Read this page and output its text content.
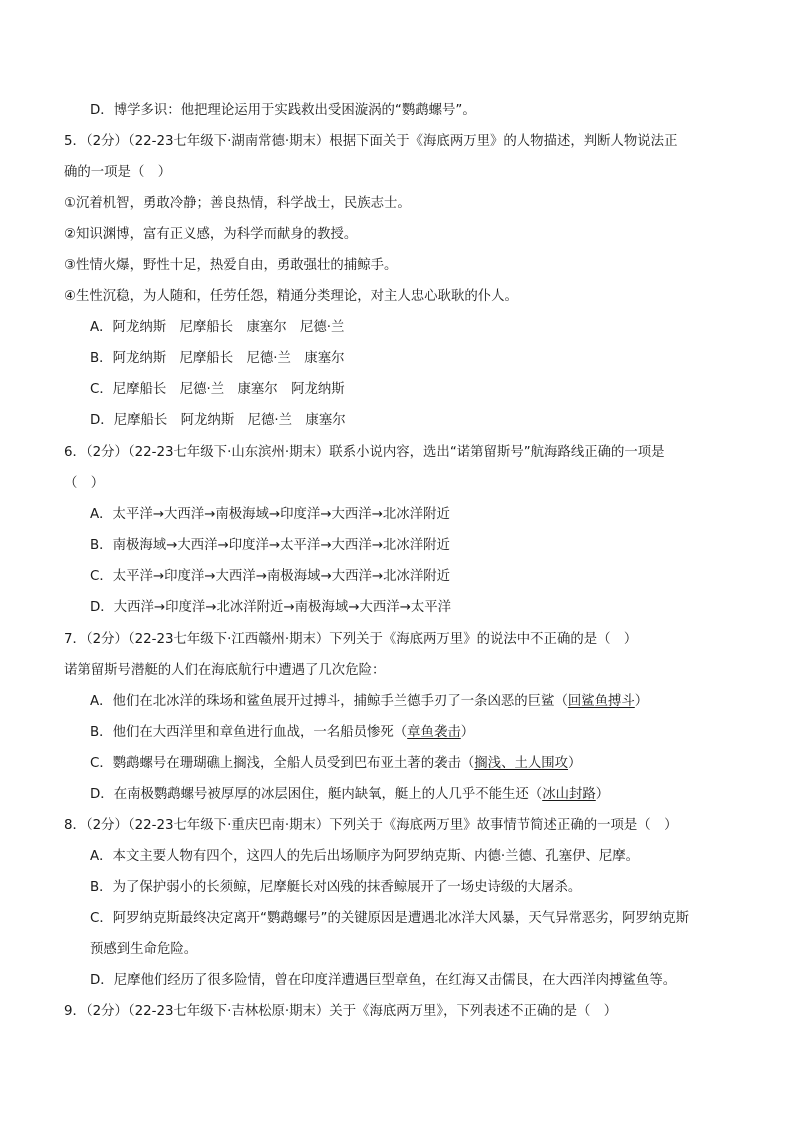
D．博学多识：他把理论运用于实践救出受困漩涡的“鹦鹉螺号”。
5．（2分）（22-23七年级下·湖南常德·期末）根据下面关于《海底两万里》的人物描述，判断人物说法正
确的一项是（　）
①沉着机智，勇敢冷静；善良热情，科学战士，民族志士。
②知识渊博，富有正义感，为科学而献身的教授。
③性情火爆，野性十足，热爱自由，勇敢强壮的捕鲸手。
④生性沉稳，为人随和，任劳任怨，精通分类理论，对主人忠心耿耿的仆人。
A．阿龙纳斯　尼摩船长　康塞尔　尼德·兰
B．阿龙纳斯　尼摩船长　尼德·兰　康塞尔
C．尼摩船长　尼德·兰　康塞尔　阿龙纳斯
D．尼摩船长　阿龙纳斯　尼德·兰　康塞尔
6．（2分）（22-23七年级下·山东滨州·期末）联系小说内容，选出“诺第留斯号”航海路线正确的一项是
（　）
A．太平洋→大西洋→南极海域→印度洋→大西洋→北冰洋附近
B．南极海域→大西洋→印度洋→太平洋→大西洋→北冰洋附近
C．太平洋→印度洋→大西洋→南极海域→大西洋→北冰洋附近
D．大西洋→印度洋→北冰洋附近→南极海域→大西洋→太平洋
7．（2分）（22-23七年级下·江西赣州·期末）下列关于《海底两万里》的说法中不正确的是（　）
诺第留斯号潜艇的人们在海底航行中遭遇了几次危险：
A．他们在北冰洋的珠场和鲨鱼展开过搏斗，捕鲸手兰德手刃了一条凶恶的巨鲨（回鲨鱼搏斗）
B．他们在大西洋里和章鱼进行血战，一名船员惨死（章鱼袭击）
C．鹦鹉螺号在珊瑚礁上搁浅，全船人员受到巴布亚土著的袭击（搁浅、土人围攻）
D．在南极鹦鹉螺号被厚厚的冰层困住，艇内缺氧，艇上的人几乎不能生还（冰山封路）
8．（2分）（22-23七年级下·重庆巴南·期末）下列关于《海底两万里》故事情节简述正确的一项是（　）
A．本文主要人物有四个，这四人的先后出场顺序为阿罗纳克斯、内德·兰德、孔塞伊、尼摩。
B．为了保护弱小的长须鲸，尼摩艇长对凶残的抹香鲸展开了一场史诗级的大屠杀。
C．阿罗纳克斯最终决定离开“鹦鹉螺号”的关键原因是遭遇北冰洋大风暴，天气异常恶劣，阿罗纳克斯
预感到生命危险。
D．尼摩他们经历了很多险情，曾在印度洋遭遇巨型章鱼，在红海又击儒艮，在大西洋肉搏鲨鱼等。
9．（2分）（22-23七年级下·吉林松原·期末）关于《海底两万里》，下列表述不正确的是（　）
